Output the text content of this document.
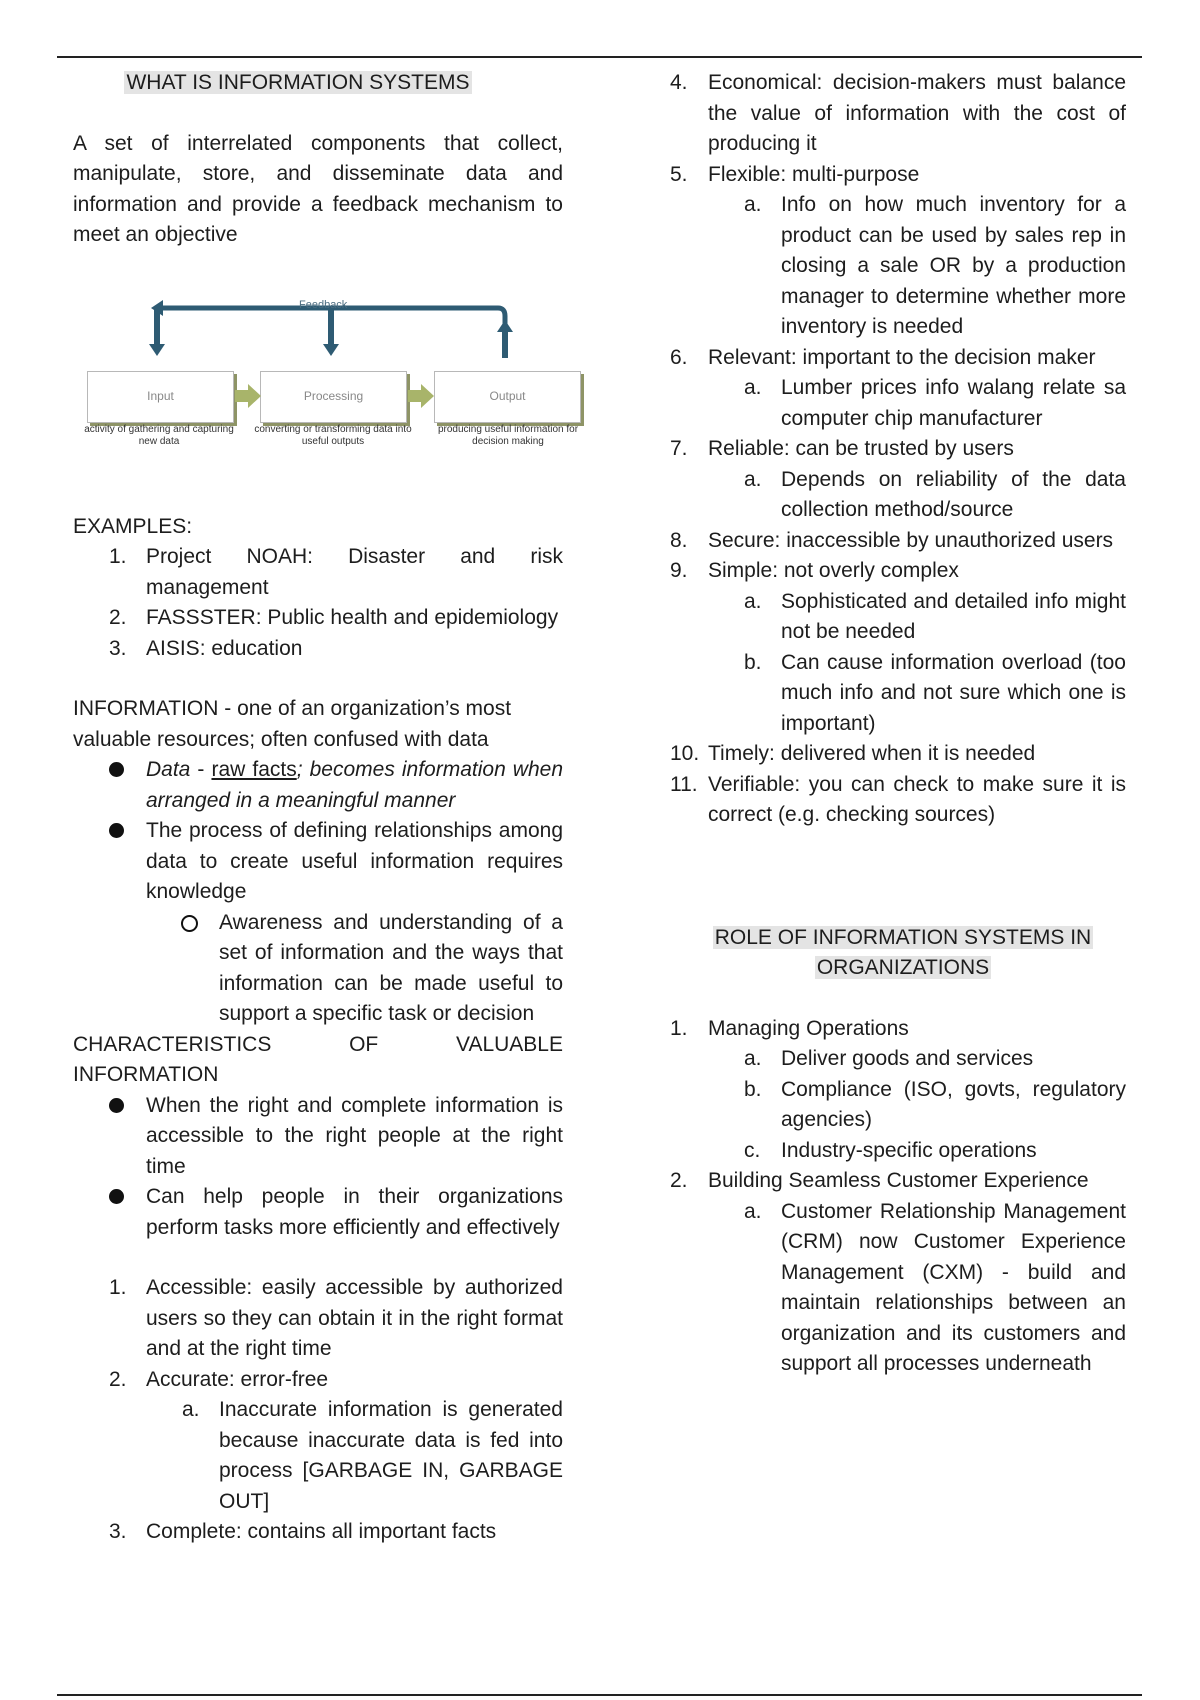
WHAT IS INFORMATION SYSTEMS

A set of interrelated components that collect, manipulate, store, and disseminate data and information and provide a feedback mechanism to meet an objective

Feedback
Input	Processing	Output
activity of gathering and capturing new data
converting or transforming data into useful outputs
producing useful information for decision making

EXAMPLES:

1. Project NOAH: Disaster and risk management
2. FASSSTER: Public health and epidemiology
3. AISIS: education

INFORMATION - one of an organization’s most valuable resources; often confused with data

Data - raw facts; becomes information when arranged in a meaningful manner
The process of defining relationships among data to create useful information requires knowledge
Awareness and understanding of a set of information and the ways that information can be made useful to support a specific task or decision

CHARACTERISTICS OF VALUABLE INFORMATION

When the right and complete information is accessible to the right people at the right time
Can help people in their organizations perform tasks more efficiently and effectively
1. Accessible: easily accessible by authorized users so they can obtain it in the right format and at the right time
2. Accurate: error-free
a. Inaccurate information is generated because inaccurate data is fed into process [GARBAGE IN, GARBAGE OUT]
3. Complete: contains all important facts
4. Economical: decision-makers must balance the value of information with the cost of producing it
5. Flexible: multi-purpose
a. Info on how much inventory for a product can be used by sales rep in closing a sale OR by a production manager to determine whether more inventory is needed
6. Relevant: important to the decision maker
a. Lumber prices info walang relate sa computer chip manufacturer
7. Reliable: can be trusted by users
a. Depends on reliability of the data collection method/source
8. Secure: inaccessible by unauthorized users
9. Simple: not overly complex
a. Sophisticated and detailed info might not be needed
b. Can cause information overload (too much info and not sure which one is important)
10. Timely: delivered when it is needed
11. Verifiable: you can check to make sure it is correct (e.g. checking sources)

ROLE OF INFORMATION SYSTEMS IN
ORGANIZATIONS

1. Managing Operations
a. Deliver goods and services
b. Compliance (ISO, govts, regulatory agencies)
c. Industry-specific operations
2. Building Seamless Customer Experience
a. Customer Relationship Management (CRM) now Customer Experience Management (CXM) - build and maintain relationships between an organization and its customers and support all processes underneath
